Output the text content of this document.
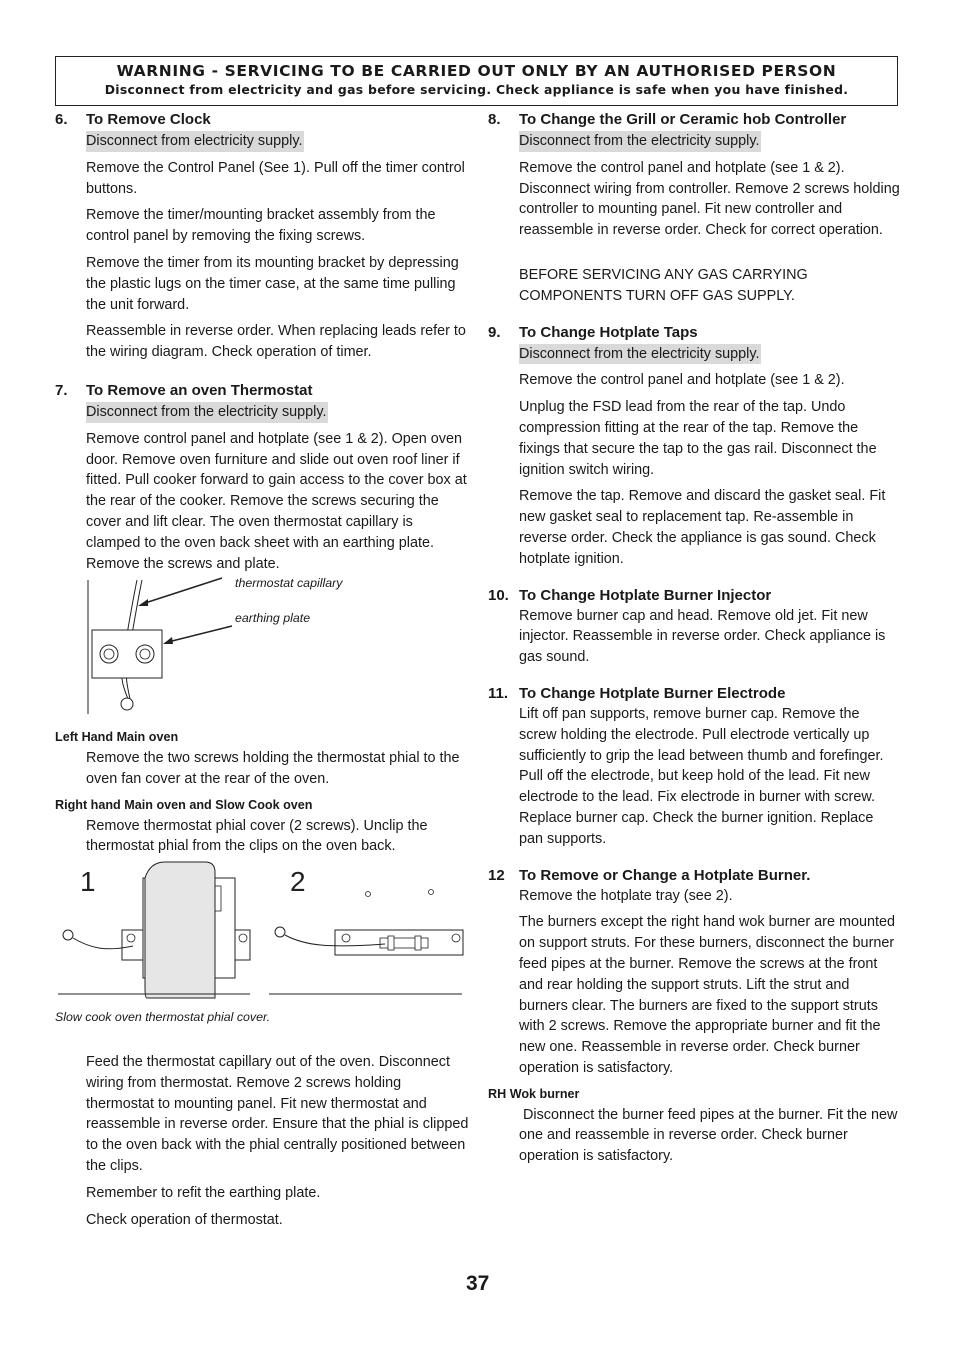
WARNING - SERVICING TO BE CARRIED OUT ONLY BY AN AUTHORISED PERSON
Disconnect from electricity and gas before servicing. Check appliance is safe when you have finished.
6. To Remove Clock

Disconnect from electricity supply.

Remove the Control Panel (See 1). Pull off the timer control buttons.

Remove the timer/mounting bracket assembly from the control panel by removing the fixing screws.

Remove the timer from its mounting bracket by depressing the plastic lugs on the timer case, at the same time pulling the unit forward.

Reassemble in reverse order. When replacing leads refer to the wiring diagram. Check operation of timer.

7. To Remove an oven Thermostat

Disconnect from the electricity supply.

Remove control panel and hotplate (see 1 & 2). Open oven door. Remove oven furniture and slide out oven roof liner if fitted. Pull cooker forward to gain access to the cover box at the rear of the cooker. Remove the screws securing the cover and lift clear. The oven thermostat capillary is clamped to the oven back sheet with an earthing plate. Remove the screws and plate.

thermostat capillary
earthing plate
Left Hand Main oven

Remove the two screws holding the thermostat phial to the oven fan cover at the rear of the oven.

Right hand Main oven and Slow Cook oven

Remove thermostat phial cover (2 screws). Unclip the thermostat phial from the clips on the oven back.

1	2
Slow cook oven thermostat phial cover.

Feed the thermostat capillary out of the oven. Disconnect wiring from thermostat. Remove 2 screws holding thermostat to mounting panel. Fit new thermostat and reassemble in reverse order. Ensure that the phial is clipped to the oven back with the phial centrally positioned between the clips.

Remember to refit the earthing plate.

Check operation of thermostat.

8. To Change the Grill or Ceramic hob Controller

Disconnect from the electricity supply.

Remove the control panel and hotplate (see 1 & 2). Disconnect wiring from controller. Remove 2 screws holding controller to mounting panel. Fit new controller and reassemble in reverse order. Check for correct operation.

BEFORE SERVICING ANY GAS CARRYING COMPONENTS TURN OFF GAS SUPPLY.

9. To Change Hotplate Taps

Disconnect from the electricity supply.

Remove the control panel and hotplate (see 1 & 2).

Unplug the FSD lead from the rear of the tap. Undo compression fitting at the rear of the tap. Remove the fixings that secure the tap to the gas rail. Disconnect the ignition switch wiring.

Remove the tap. Remove and discard the gasket seal. Fit new gasket seal to replacement tap. Re-assemble in reverse order. Check the appliance is gas sound. Check hotplate ignition.

10. To Change Hotplate Burner Injector

Remove burner cap and head. Remove old jet. Fit new injector. Reassemble in reverse order. Check appliance is gas sound.

11. To Change Hotplate Burner Electrode

Lift off pan supports, remove burner cap. Remove the screw holding the electrode. Pull electrode vertically up sufficiently to grip the lead between thumb and forefinger. Pull off the electrode, but keep hold of the lead. Fit new electrode to the lead. Fix electrode in burner with screw. Replace burner cap. Check the burner ignition. Replace pan supports.

12 To Remove or Change a Hotplate Burner.

Remove the hotplate tray (see 2).

The burners except the right hand wok burner are mounted on support struts. For these burners, disconnect the burner feed pipes at the burner. Remove the screws at the front and rear holding the support struts. Lift the strut and burners clear. The burners are fixed to the support struts with 2 screws. Remove the appropriate burner and fit the new one. Reassemble in reverse order. Check burner operation is satisfactory.

RH Wok burner

Disconnect the burner feed pipes at the burner. Fit the new one and reassemble in reverse order. Check burner operation is satisfactory.

37
